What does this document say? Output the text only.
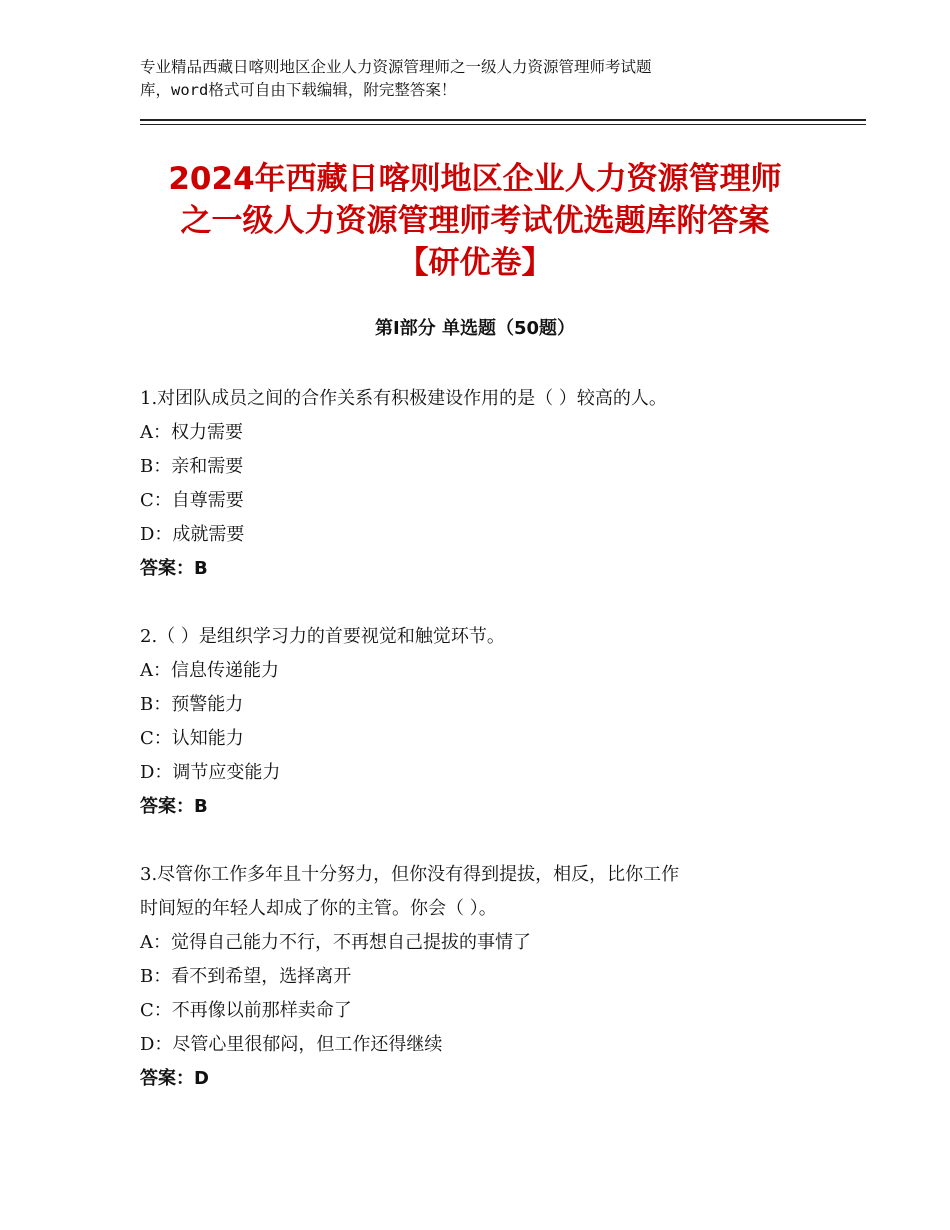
专业精品西藏日喀则地区企业人力资源管理师之一级人力资源管理师考试题
库，word格式可自由下载编辑，附完整答案！
2024年西藏日喀则地区企业人力资源管理师
之一级人力资源管理师考试优选题库附答案
【研优卷】
第Ⅰ部分 单选题（50题）
1.对团队成员之间的合作关系有积极建设作用的是（ ）较高的人。
A：权力需要
B：亲和需要
C：自尊需要
D：成就需要
答案：B
2.（ ）是组织学习力的首要视觉和触觉环节。
A：信息传递能力
B：预警能力
C：认知能力
D：调节应变能力
答案：B
3.尽管你工作多年且十分努力，但你没有得到提拔，相反，比你工作
时间短的年轻人却成了你的主管。你会（ ）。
A：觉得自己能力不行，不再想自己提拔的事情了
B：看不到希望，选择离开
C：不再像以前那样卖命了
D：尽管心里很郁闷，但工作还得继续
答案：D
